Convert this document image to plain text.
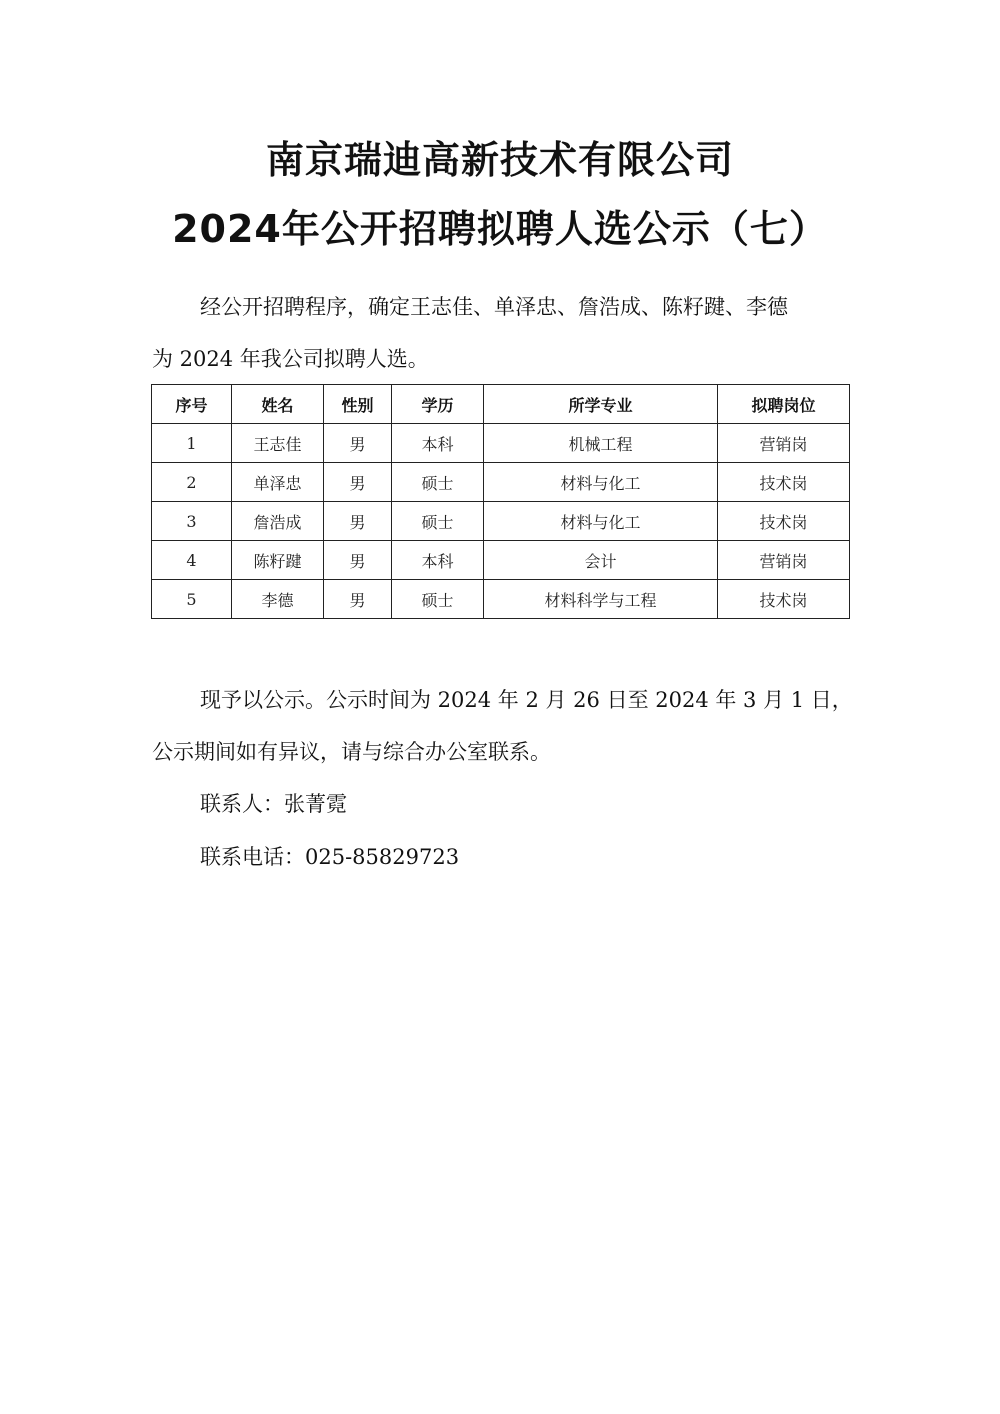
南京瑞迪高新技术有限公司
2024年公开招聘拟聘人选公示（七）
经公开招聘程序，确定王志佳、单泽忠、詹浩成、陈籽踺、李德
为 2024 年我公司拟聘人选。
序号	姓名	性别	学历	所学专业	拟聘岗位
1	王志佳	男	本科	机械工程	营销岗
2	单泽忠	男	硕士	材料与化工	技术岗
3	詹浩成	男	硕士	材料与化工	技术岗
4	陈籽踺	男	本科	会计	营销岗
5	李德	男	硕士	材料科学与工程	技术岗
现予以公示。公示时间为 2024 年 2 月 26 日至 2024 年 3 月 1 日，
公示期间如有异议，请与综合办公室联系。
联系人：张菁霓
联系电话：025-85829723
